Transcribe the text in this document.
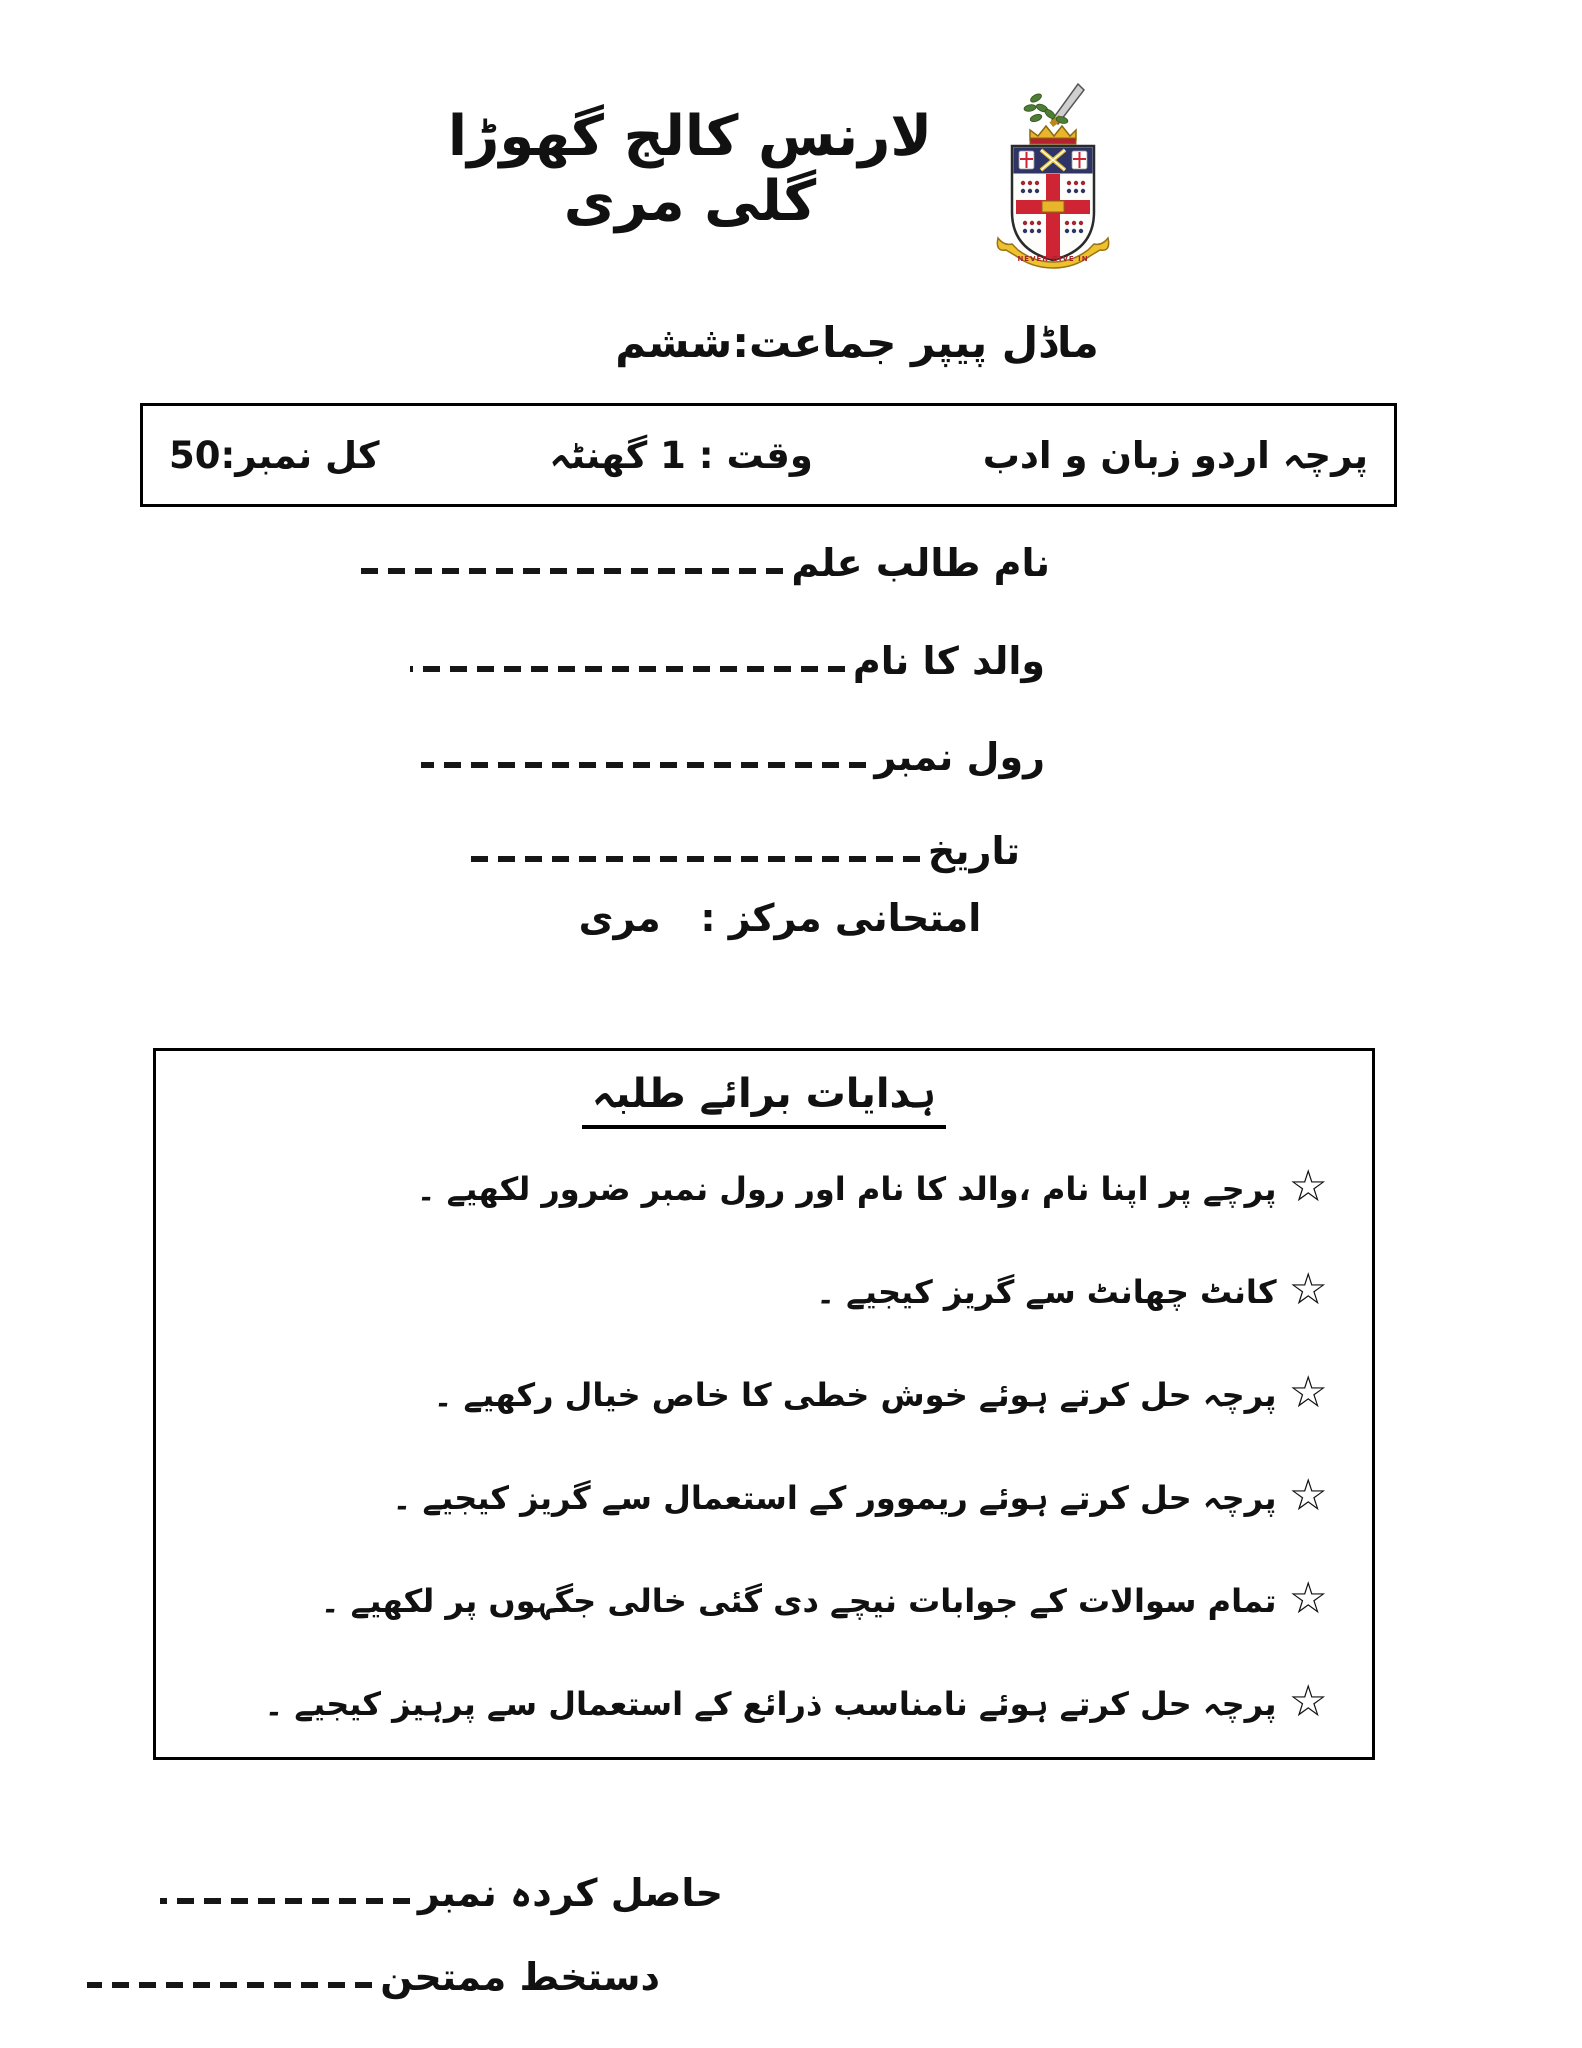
لارنس کالج گھوڑا گلی مری
NEVER GIVE IN
ماڈل پیپر جماعت:ششم
پرچہ اردو زبان و ادب
وقت : 1 گھنٹہ
کل نمبر:50
نام طالب علم
والد کا نام
رول نمبر
تاریخ
امتحانی مرکز :   مری
ہدایات برائے طلبہ
☆
پرچے پر اپنا نام ،والد کا نام اور رول نمبر ضرور لکھیے ۔
☆
کانٹ چھانٹ سے گریز کیجیے ۔
☆
پرچہ حل کرتے ہوئے خوش خطی کا خاص خیال رکھیے ۔
☆
پرچہ حل کرتے ہوئے ریموور کے استعمال سے گریز کیجیے ۔
☆
تمام سوالات کے جوابات نیچے دی گئی خالی جگہوں پر لکھیے ۔
☆
پرچہ حل کرتے ہوئے نامناسب ذرائع کے استعمال سے پرہیز کیجیے ۔
حاصل کردہ نمبر
دستخط ممتحن
